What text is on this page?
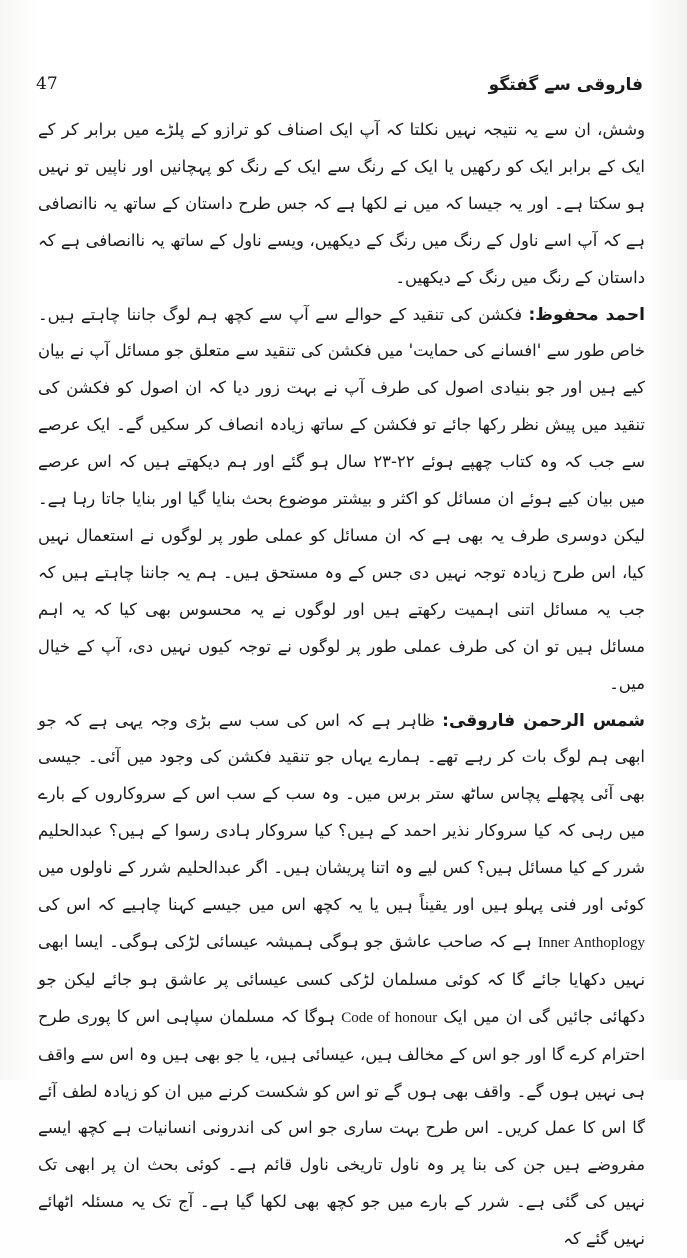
47	فاروقی سے گفتگو

وشش، ان سے یہ نتیجہ نہیں نکلتا کہ آپ ایک اصناف کو ترازو کے پلڑے میں برابر کر کے ایک کے برابر ایک کو رکھیں یا ایک کے رنگ سے ایک کے رنگ کو پہچانیں اور ناپیں تو نہیں ہو سکتا ہے۔ اور یہ جیسا کہ میں نے لکھا ہے کہ جس طرح داستان کے ساتھ یہ ناانصافی ہے کہ آپ اسے ناول کے رنگ میں رنگ کے دیکھیں، ویسے ناول کے ساتھ یہ ناانصافی ہے کہ داستان کے رنگ میں رنگ کے دیکھیں۔

احمد محفوظ: فکشن کی تنقید کے حوالے سے آپ سے کچھ ہم لوگ جاننا چاہتے ہیں۔ خاص طور سے 'افسانے کی حمایت' میں فکشن کی تنقید سے متعلق جو مسائل آپ نے بیان کیے ہیں اور جو بنیادی اصول کی طرف آپ نے بہت زور دیا کہ ان اصول کو فکشن کی تنقید میں پیش نظر رکھا جائے تو فکشن کے ساتھ زیادہ انصاف کر سکیں گے۔ ایک عرصے سے جب کہ وہ کتاب چھپے ہوئے ۲۲-۲۳ سال ہو گئے اور ہم دیکھتے ہیں کہ اس عرصے میں بیان کیے ہوئے ان مسائل کو اکثر و بیشتر موضوع بحث بنایا گیا اور بنایا جاتا رہا ہے۔ لیکن دوسری طرف یہ بھی ہے کہ ان مسائل کو عملی طور پر لوگوں نے استعمال نہیں کیا، اس طرح زیادہ توجہ نہیں دی جس کے وہ مستحق ہیں۔ ہم یہ جاننا چاہتے ہیں کہ جب یہ مسائل اتنی اہمیت رکھتے ہیں اور لوگوں نے یہ محسوس بھی کیا کہ یہ اہم مسائل ہیں تو ان کی طرف عملی طور پر لوگوں نے توجہ کیوں نہیں دی، آپ کے خیال میں۔

شمس الرحمن فاروقی: ظاہر ہے کہ اس کی سب سے بڑی وجہ یہی ہے کہ جو ابھی ہم لوگ بات کر رہے تھے۔ ہمارے یہاں جو تنقید فکشن کی وجود میں آئی۔ جیسی بھی آئی پچھلے پچاس ساٹھ ستر برس میں۔ وہ سب کے سب اس کے سروکاروں کے بارے میں رہی کہ کیا سروکار نذیر احمد کے ہیں؟ کیا سروکار ہادی رسوا کے ہیں؟ عبدالحلیم شرر کے کیا مسائل ہیں؟ کس لیے وہ اتنا پریشان ہیں۔ اگر عبدالحلیم شرر کے ناولوں میں کوئی اور فنی پہلو ہیں اور یقیناً ہیں یا یہ کچھ اس میں جیسے کہنا چاہیے کہ اس کی Inner Anthoplogy ہے کہ صاحب عاشق جو ہوگی ہمیشہ عیسائی لڑکی ہوگی۔ ایسا ابھی نہیں دکھایا جائے گا کہ کوئی مسلمان لڑکی کسی عیسائی پر عاشق ہو جائے لیکن جو دکھائی جائیں گی ان میں ایک Code of honour ہوگا کہ مسلمان سپاہی اس کا پوری طرح احترام کرے گا اور جو اس کے مخالف ہیں، عیسائی ہیں، یا جو بھی ہیں وہ اس سے واقف ہی نہیں ہوں گے۔ واقف بھی ہوں گے تو اس کو شکست کرنے میں ان کو زیادہ لطف آئے گا اس کا عمل کریں۔ اس طرح بہت ساری جو اس کی اندرونی انسانیات ہے کچھ ایسے مفروضے ہیں جن کی بنا پر وہ ناول تاریخی ناول قائم ہے۔ کوئی بحث ان پر ابھی تک نہیں کی گئی ہے۔ شرر کے بارے میں جو کچھ بھی لکھا گیا ہے۔ آج تک یہ مسئلہ اٹھائے نہیں گئے کہ
